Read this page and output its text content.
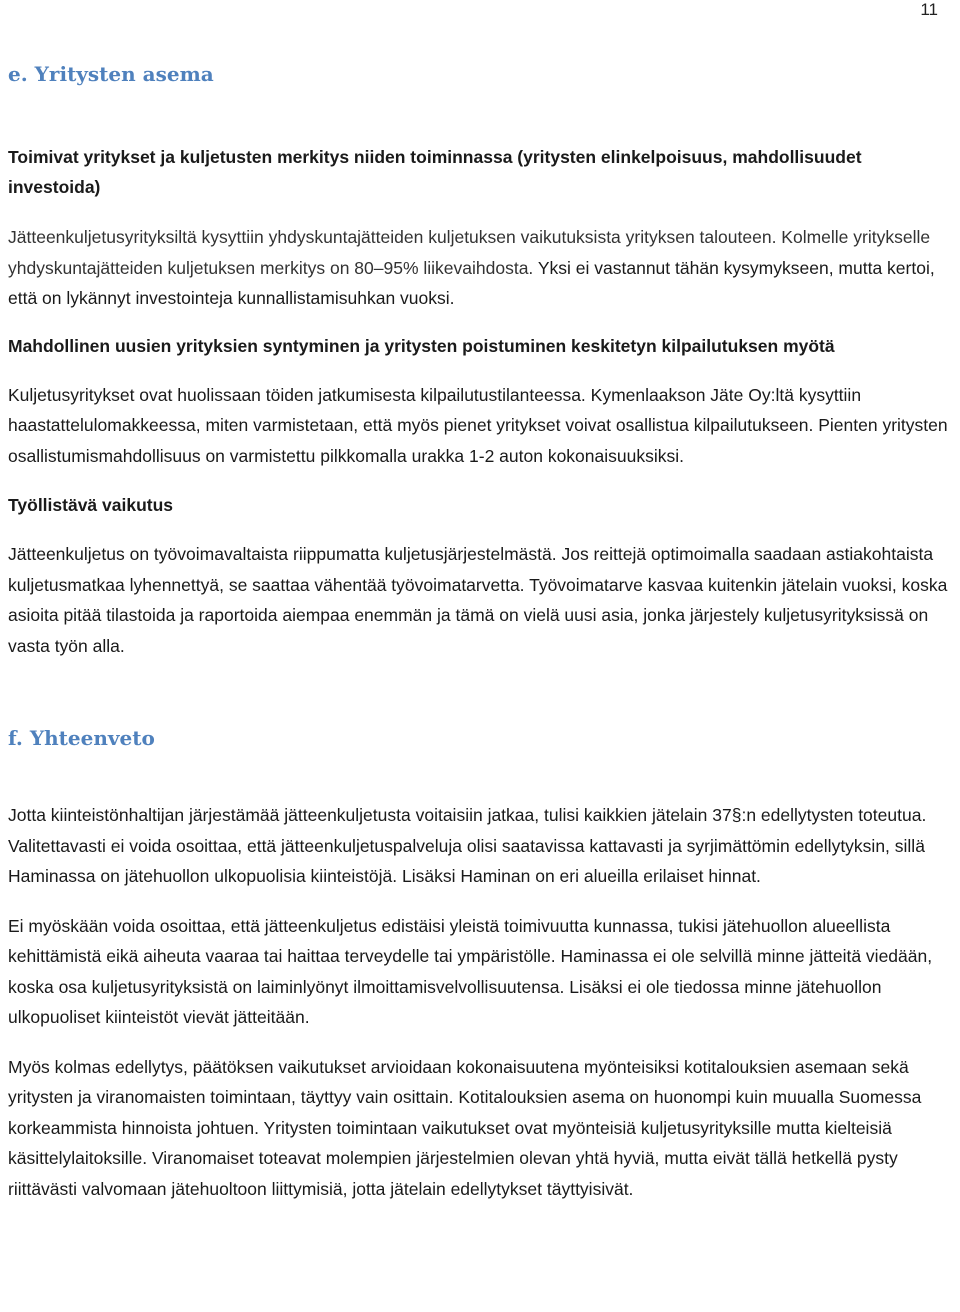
11
e. Yritysten asema
Toimivat yritykset ja kuljetusten merkitys niiden toiminnassa (yritysten elinkelpoisuus, mahdollisuudet investoida)

Jätteenkuljetusyrityksiltä kysyttiin yhdyskuntajätteiden kuljetuksen vaikutuksista yrityksen talouteen. Kolmelle yritykselle yhdyskuntajätteiden kuljetuksen merkitys on 80–95% liikevaihdosta. Yksi ei vastannut tähän kysymykseen, mutta kertoi, että on lykännyt investointeja kunnallistamisuhkan vuoksi.

Mahdollinen uusien yrityksien syntyminen ja yritysten poistuminen keskitetyn kilpailutuksen myötä

Kuljetusyritykset ovat huolissaan töiden jatkumisesta kilpailutustilanteessa. Kymenlaakson Jäte Oy:ltä kysyttiin haastattelulomakkeessa, miten varmistetaan, että myös pienet yritykset voivat osallistua kilpailutukseen. Pienten yritysten osallistumismahdollisuus on varmistettu pilkkomalla urakka 1-2 auton kokonaisuuksiksi.

Työllistävä vaikutus

Jätteenkuljetus on työvoimavaltaista riippumatta kuljetusjärjestelmästä. Jos reittejä optimoimalla saadaan astiakohtaista kuljetusmatkaa lyhennettyä, se saattaa vähentää työvoimatarvetta. Työvoimatarve kasvaa kuitenkin jätelain vuoksi, koska asioita pitää tilastoida ja raportoida aiempaa enemmän ja tämä on vielä uusi asia, jonka järjestely kuljetusyrityksissä on vasta työn alla.

f. Yhteenveto

Jotta kiinteistönhaltijan järjestämää jätteenkuljetusta voitaisiin jatkaa, tulisi kaikkien jätelain 37§:n edellytysten toteutua. Valitettavasti ei voida osoittaa, että jätteenkuljetuspalveluja olisi saatavissa kattavasti ja syrjimättömin edellytyksin, sillä Haminassa on jätehuollon ulkopuolisia kiinteistöjä. Lisäksi Haminan on eri alueilla erilaiset hinnat.

Ei myöskään voida osoittaa, että jätteenkuljetus edistäisi yleistä toimivuutta kunnassa, tukisi jätehuollon alueellista kehittämistä eikä aiheuta vaaraa tai haittaa terveydelle tai ympäristölle. Haminassa ei ole selvillä minne jätteitä viedään, koska osa kuljetusyrityksistä on laiminlyönyt ilmoittamisvelvollisuutensa. Lisäksi ei ole tiedossa minne jätehuollon ulkopuoliset kiinteistöt vievät jätteitään.

Myös kolmas edellytys, päätöksen vaikutukset arvioidaan kokonaisuutena myönteisiksi kotitalouksien asemaan sekä yritysten ja viranomaisten toimintaan, täyttyy vain osittain. Kotitalouksien asema on huonompi kuin muualla Suomessa korkeammista hinnoista johtuen. Yritysten toimintaan vaikutukset ovat myönteisiä kuljetusyrityksille mutta kielteisiä käsittelylaitoksille. Viranomaiset toteavat molempien järjestelmien olevan yhtä hyviä, mutta eivät tällä hetkellä pysty riittävästi valvomaan jätehuoltoon liittymisiä, jotta jätelain edellytykset täyttyisivät.
